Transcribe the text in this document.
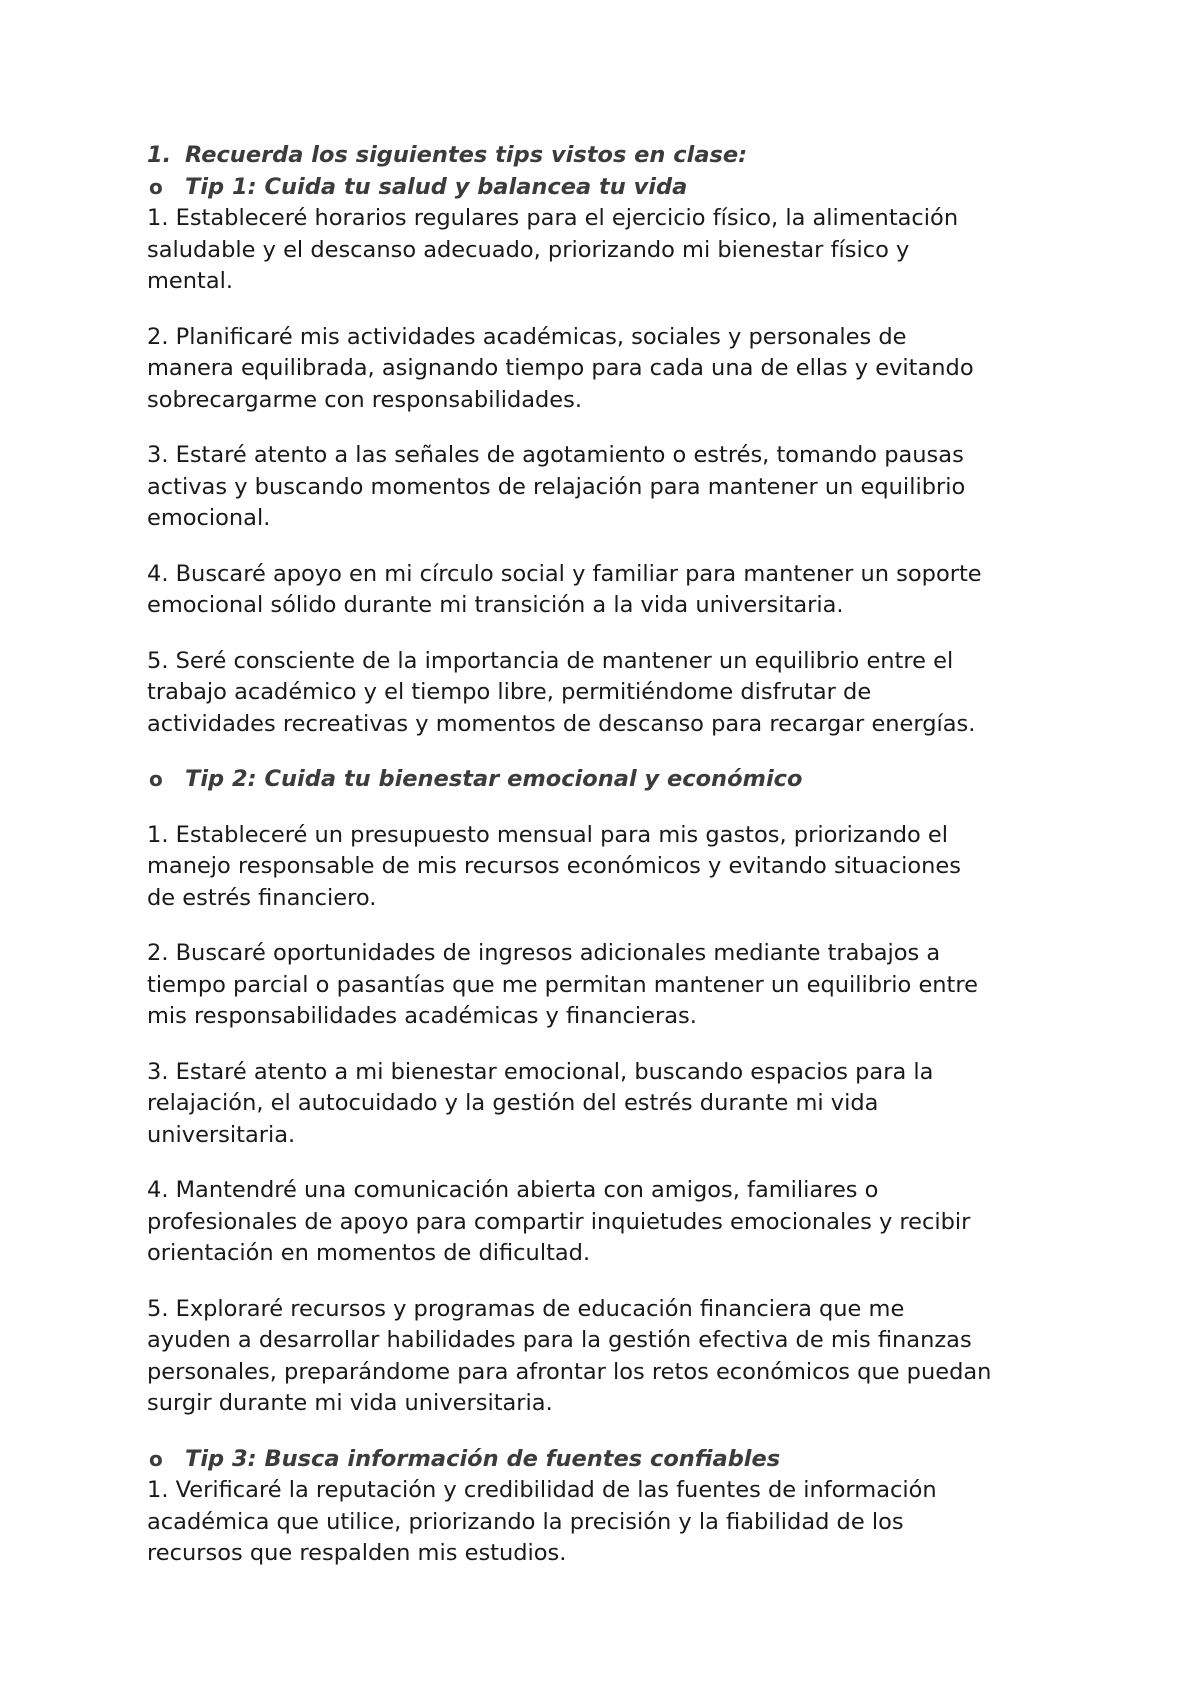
1. Recuerda los siguientes tips vistos en clase:
o Tip 1: Cuida tu salud y balancea tu vida

1. Estableceré horarios regulares para el ejercicio físico, la alimentación
saludable y el descanso adecuado, priorizando mi bienestar físico y
mental.

2. Planificaré mis actividades académicas, sociales y personales de
manera equilibrada, asignando tiempo para cada una de ellas y evitando
sobrecargarme con responsabilidades.

3. Estaré atento a las señales de agotamiento o estrés, tomando pausas
activas y buscando momentos de relajación para mantener un equilibrio
emocional.

4. Buscaré apoyo en mi círculo social y familiar para mantener un soporte
emocional sólido durante mi transición a la vida universitaria.

5. Seré consciente de la importancia de mantener un equilibrio entre el
trabajo académico y el tiempo libre, permitiéndome disfrutar de
actividades recreativas y momentos de descanso para recargar energías.

o Tip 2: Cuida tu bienestar emocional y económico

1. Estableceré un presupuesto mensual para mis gastos, priorizando el
manejo responsable de mis recursos económicos y evitando situaciones
de estrés financiero.

2. Buscaré oportunidades de ingresos adicionales mediante trabajos a
tiempo parcial o pasantías que me permitan mantener un equilibrio entre
mis responsabilidades académicas y financieras.

3. Estaré atento a mi bienestar emocional, buscando espacios para la
relajación, el autocuidado y la gestión del estrés durante mi vida
universitaria.

4. Mantendré una comunicación abierta con amigos, familiares o
profesionales de apoyo para compartir inquietudes emocionales y recibir
orientación en momentos de dificultad.

5. Exploraré recursos y programas de educación financiera que me
ayuden a desarrollar habilidades para la gestión efectiva de mis finanzas
personales, preparándome para afrontar los retos económicos que puedan
surgir durante mi vida universitaria.

o Tip 3: Busca información de fuentes confiables

1. Verificaré la reputación y credibilidad de las fuentes de información
académica que utilice, priorizando la precisión y la fiabilidad de los
recursos que respalden mis estudios.
